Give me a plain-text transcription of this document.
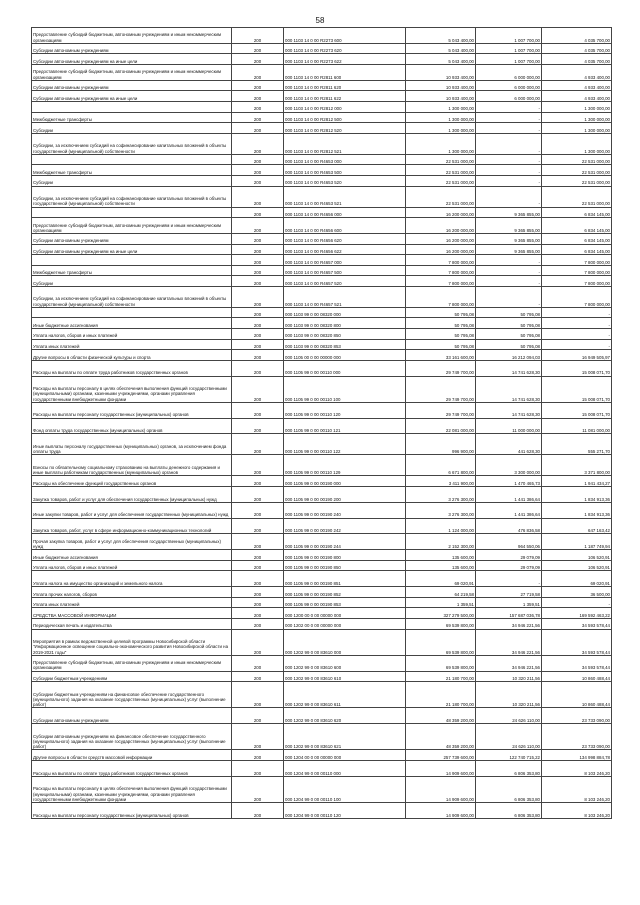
58
Предоставление субсидий бюджетным, автономным учреждениям и иным некоммерческим организациям	200	000 1103 14 0 00 R2273 600	5 043 400,00	1 007 700,00	4 035 700,00
Субсидии автономным учреждениям	200	000 1103 14 0 00 R2273 620	5 043 400,00	1 007 700,00	4 035 700,00
Субсидии автономным учреждениям на иные цели	200	000 1103 14 0 00 R2273 622	5 043 400,00	1 007 700,00	4 035 700,00
Предоставление субсидий бюджетным, автономным учреждениям и иным некоммерческим организациям	200	000 1103 14 0 00 R2811 600	10 933 400,00	6 000 000,00	4 933 400,00
Субсидии автономным учреждениям	200	000 1103 14 0 00 R2811 620	10 933 400,00	6 000 000,00	4 933 400,00
Субсидии автономным учреждениям на иные цели	200	000 1103 14 0 00 R2811 622	10 933 400,00	6 000 000,00	4 933 400,00
	200	000 1103 14 0 00 R2812 000	1 300 000,00	-	1 300 000,00
Межбюджетные трансферты	200	000 1103 14 0 00 R2812 500	1 300 000,00	-	1 300 000,00
Субсидии	200	000 1103 14 0 00 R2812 520	1 300 000,00	-	1 300 000,00
Субсидии, за исключением субсидий на софинансирование капитальных вложений в объекты государственной (муниципальной) собственности	200	000 1103 14 0 00 R2812 521	1 300 000,00	-	1 300 000,00
	200	000 1103 14 0 00 R4653 000	22 531 000,00	-	22 531 000,00
Межбюджетные трансферты	200	000 1103 14 0 00 R4653 500	22 531 000,00	-	22 531 000,00
Субсидии	200	000 1103 14 0 00 R4653 520	22 531 000,00	-	22 531 000,00
Субсидии, за исключением субсидий на софинансирование капитальных вложений в объекты государственной (муниципальной) собственности	200	000 1103 14 0 00 R4653 521	22 531 000,00	-	22 531 000,00
	200	000 1103 14 0 00 R4656 000	16 200 000,00	9 365 855,00	6 834 145,00
Предоставление субсидий бюджетным, автономным учреждениям и иным некоммерческим организациям	200	000 1103 14 0 00 R4656 600	16 200 000,00	9 365 855,00	6 834 145,00
Субсидии автономным учреждениям	200	000 1103 14 0 00 R4656 620	16 200 000,00	9 365 855,00	6 834 145,00
Субсидии автономным учреждениям на иные цели	200	000 1103 14 0 00 R4656 622	16 200 000,00	9 365 855,00	6 834 145,00
	200	000 1103 14 0 00 R4657 000	7 800 000,00	-	7 800 000,00
Межбюджетные трансферты	200	000 1103 14 0 00 R4657 500	7 800 000,00	-	7 800 000,00
Субсидии	200	000 1103 14 0 00 R4657 520	7 800 000,00	-	7 800 000,00
Субсидии, за исключением субсидий на софинансирование капитальных вложений в объекты государственной (муниципальной) собственности	200	000 1103 14 0 00 R4657 521	7 800 000,00	-	7 800 000,00
	200	000 1103 99 0 00 08320 000	50 795,08	50 795,08	-
Иные бюджетные ассигнования	200	000 1103 99 0 00 08320 800	50 795,08	50 795,08	-
Уплата налогов, сборов и иных платежей	200	000 1103 99 0 00 08320 850	50 795,08	50 795,08	-
Уплата иных платежей	200	000 1103 99 0 00 08320 853	50 795,08	50 795,08	-
Другие вопросы в области физической культуры и спорта	200	000 1105 00 0 00 00000 000	33 161 600,00	16 212 094,03	16 949 505,97
Расходы на выплаты по оплате труда работников государственных органов	200	000 1105 99 0 00 00110 000	29 749 700,00	14 741 628,30	15 008 071,70
Расходы на выплаты персоналу в целях обеспечения выполнения функций государственными (муниципальными) органами, казенными учреждениями, органами управления государственными внебюджетными фондами	200	000 1105 99 0 00 00110 100	29 749 700,00	14 741 628,30	15 008 071,70
Расходы на выплаты персоналу государственных (муниципальных) органов	200	000 1105 99 0 00 00110 120	29 749 700,00	14 741 628,30	15 008 071,70
Фонд оплаты труда государственных (муниципальных) органов	200	000 1105 99 0 00 00110 121	22 081 000,00	11 000 000,00	11 081 000,00
Иные выплаты персоналу государственных (муниципальных) органов, за исключением фонда оплаты труда	200	000 1105 99 0 00 00110 122	996 900,00	441 628,30	555 271,70
Взносы по обязательному социальному страхованию на выплаты денежного содержания и иные выплаты работникам государственных (муниципальных) органов	200	000 1105 99 0 00 00110 129	6 671 800,00	3 300 000,00	3 371 800,00
Расходы на обеспечение функций государственных органов	200	000 1105 99 0 00 00190 000	3 411 900,00	1 470 465,73	1 941 434,27
Закупка товаров, работ и услуг для обеспечения государственных (муниципальных) нужд	200	000 1105 99 0 00 00190 200	3 276 300,00	1 441 386,64	1 834 913,36
Иные закупки товаров, работ и услуг для обеспечения государственных (муниципальных) нужд	200	000 1105 99 0 00 00190 240	3 276 300,00	1 441 386,64	1 834 913,36
Закупка товаров, работ, услуг в сфере информационно-коммуникационных технологий	200	000 1105 99 0 00 00190 242	1 124 000,00	476 836,58	647 163,42
Прочая закупка товаров, работ и услуг для обеспечения государственных (муниципальных) нужд	200	000 1105 99 0 00 00190 244	2 152 300,00	964 550,06	1 187 749,94
Иные бюджетные ассигнования	200	000 1105 99 0 00 00190 800	135 600,00	29 079,09	106 520,91
Уплата налогов, сборов и иных платежей	200	000 1105 99 0 00 00190 850	135 600,00	29 079,09	106 520,91
Уплата налога на имущество организаций и земельного налога	200	000 1105 99 0 00 00190 851	69 020,91	-	69 020,91
Уплата прочих налогов, сборов	200	000 1105 99 0 00 00190 852	64 219,58	27 719,58	36 500,00
Уплата иных платежей	200	000 1105 99 0 00 00190 853	1 359,51	1 359,51	-
СРЕДСТВА МАССОВОЙ ИНФОРМАЦИИ	200	000 1200 00 0 00 00000 000	327 279 500,00	157 687 036,78	169 592 463,22
Периодическая печать и издательства	200	000 1202 00 0 00 00000 000	69 539 800,00	34 946 221,56	34 593 578,44
Мероприятия в рамках ведомственной целевой программы Новосибирской области "Информационное освещение социально-экономического развития Новосибирской области на 2019-2021 годы"	200	000 1202 99 0 00 83610 000	69 539 800,00	34 946 221,56	34 593 578,44
Предоставление субсидий бюджетным, автономным учреждениям и иным некоммерческим организациям	200	000 1202 99 0 00 83610 600	69 539 800,00	34 946 221,56	34 593 578,44
Субсидии бюджетным учреждениям	200	000 1202 99 0 00 83610 610	21 180 700,00	10 320 211,56	10 860 488,44
Субсидии бюджетным учреждениям на финансовое обеспечение государственного (муниципального) задания на оказание государственных (муниципальных) услуг (выполнение работ)	200	000 1202 99 0 00 83610 611	21 180 700,00	10 320 211,56	10 860 488,44
Субсидии автономным учреждениям	200	000 1202 99 0 00 83610 620	48 359 200,00	24 626 110,00	23 733 090,00
Субсидии автономным учреждениям на финансовое обеспечение государственного (муниципального) задания на оказание государственных (муниципальных) услуг (выполнение работ)	200	000 1202 99 0 00 83610 621	48 359 200,00	24 626 110,00	23 733 090,00
Другие вопросы в области средств массовой информации	200	000 1204 00 0 00 00000 000	257 739 600,00	122 740 715,22	134 998 884,78
Расходы на выплаты по оплате труда работников государственных органов	200	000 1204 99 0 00 00110 000	14 909 600,00	6 806 353,80	8 103 246,20
Расходы на выплаты персоналу в целях обеспечения выполнения функций государственными (муниципальными) органами, казенными учреждениями, органами управления государственными внебюджетными фондами	200	000 1204 99 0 00 00110 100	14 909 600,00	6 806 353,80	8 103 246,20
Расходы на выплаты персоналу государственных (муниципальных) органов	200	000 1204 99 0 00 00110 120	14 909 600,00	6 806 353,80	8 103 246,20
